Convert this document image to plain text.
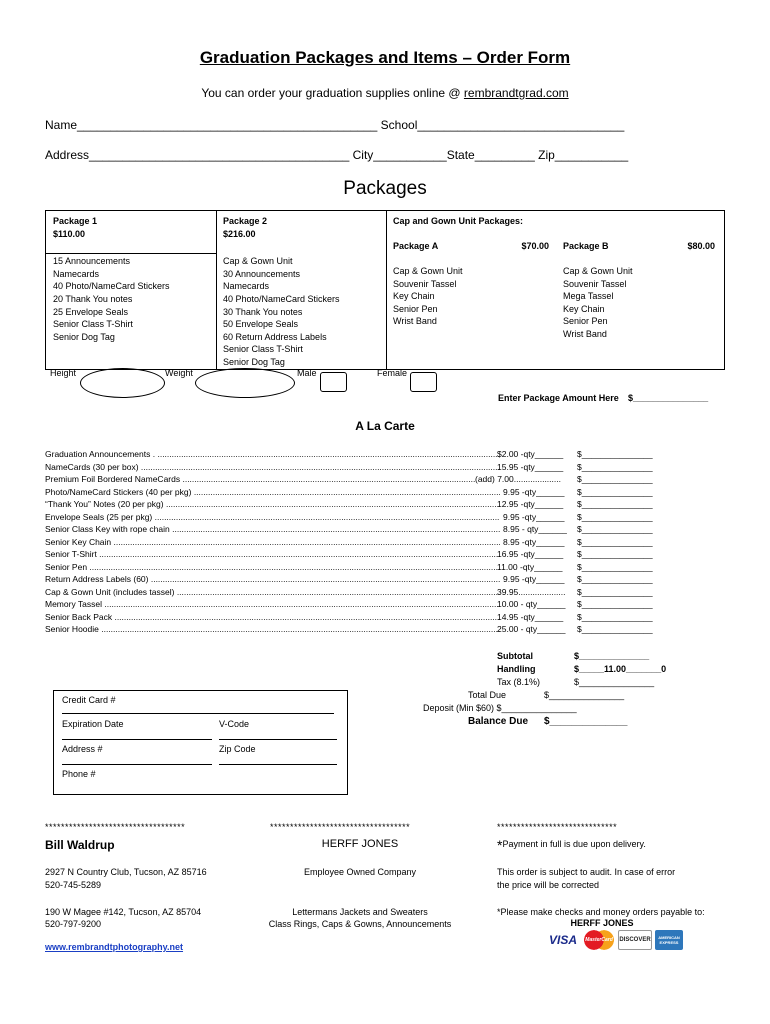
Graduation Packages and Items – Order Form
You can order your graduation supplies online @ rembrandtgrad.com
Name_____________________________________________ School_______________________________
Address_______________________________________ City___________State_________ Zip___________
Packages
Package 1
$110.00
15 Announcements
Namecards
40 Photo/NameCard Stickers
20 Thank You notes
25 Envelope Seals
Senior Class T-Shirt
Senior Dog Tag
Package 2
$216.00
Cap & Gown Unit
30 Announcements
Namecards
40 Photo/NameCard Stickers
30 Thank You notes
50 Envelope Seals
60 Return Address Labels
Senior Class T-Shirt
Senior Dog Tag
Cap and Gown Unit Packages:
Package A	$70.00
Cap & Gown Unit
Souvenir Tassel
Key Chain
Senior Pen
Wrist Band
Package B	$80.00
Cap & Gown Unit
Souvenir Tassel
Mega Tassel
Key Chain
Senior Pen
Wrist Band
Height	Weight	Male	Female
Enter Package Amount Here $_______________
A La Carte
Graduation Announcements . .....	$2.00 -qty______	$_______________
NameCards (30 per box) .....	15.95 -qty______	$_______________
Premium Foil Bordered NameCards .....	(add) 7.00....................	$_______________
Photo/NameCard Stickers (40 per pkg) .....	9.95 -qty______	$_______________
“Thank You” Notes (20 per pkg) .....	12.95 -qty______	$_______________
Envelope Seals (25 per pkg) .....	9.95 -qty______	$_______________
Senior Class Key with rope chain .....	8.95 - qty______	$_______________
Senior Key Chain .....	8.95 -qty______	$_______________
Senior T-Shirt .....	16.95 -qty______	$_______________
Senior Pen .....	11.00 -qty______	$_______________
Return Address Labels (60) .....	9.95 -qty______	$_______________
Cap & Gown Unit (includes tassel) .....	39.95....................	$_______________
Memory Tassel .....	10.00 - qty______	$_______________
Senior Back Pack .....	14.95 -qty______	$_______________
Senior Hoodie .....	25.00 - qty______	$_______________
Subtotal	$______________
Handling	$_____11.00_______0
Tax (8.1%)	$_______________
Total Due	$_______________
Deposit (Min $60) $_______________
Balance Due $______________
Credit Card #
Expiration Date	V-Code
Address #	Zip Code
Phone #
***********************************	***********************************	******************************
Bill Waldrup
2927 N Country Club, Tucson, AZ 85716
520-745-5289
190 W Magee #142, Tucson, AZ 85704
520-797-9200
www.rembrandtphotography.net
HERFF JONES
Employee Owned Company
Lettermans Jackets and Sweaters
Class Rings, Caps & Gowns, Announcements
*Payment in full is due upon delivery.
This order is subject to audit. In case of error
the price will be corrected
*Please make checks and money orders payable to:
HERFF JONES
VISA	MasterCard	DISCOVER	AMERICAN EXPRESS
